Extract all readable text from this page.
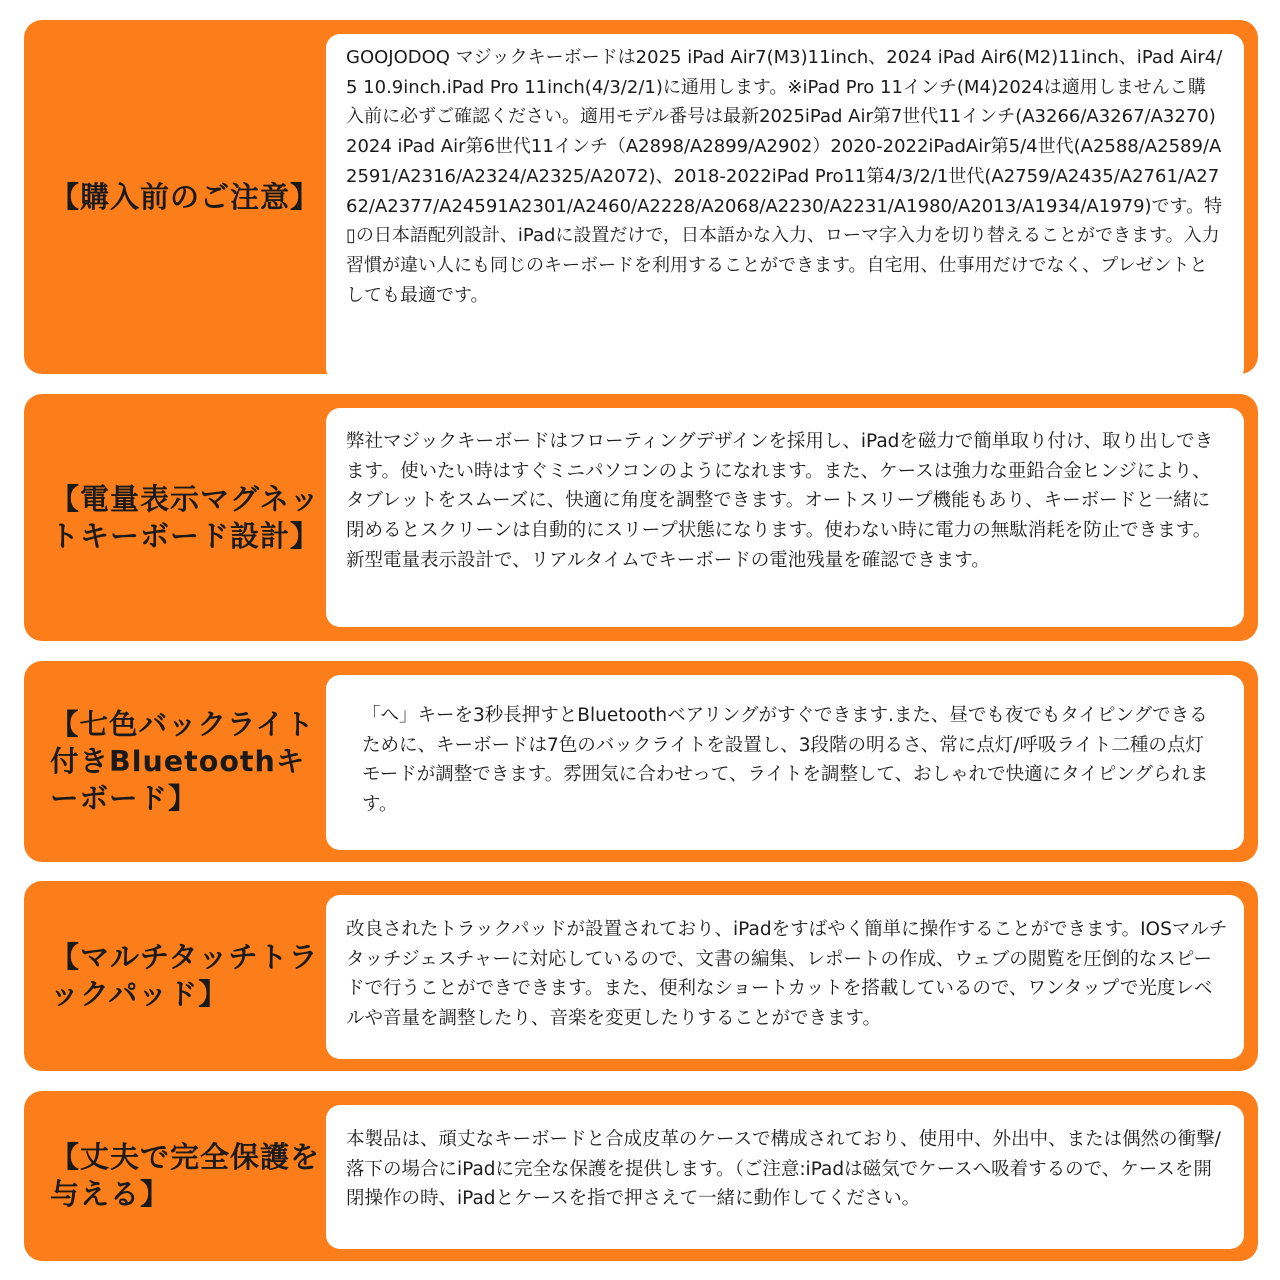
【購入前のご注意】

GOOJODOQ マジックキーボードは2025 iPad Air7(M3)11inch、2024 iPad Air6(M2)11inch、iPad Air4/5 10.9inch.iPad Pro 11inch(4/3/2/1)に通用します。※iPad Pro 11インチ(M4)2024は適用しませんこ購入前に必ずご確認ください。適用モデル番号は最新2025iPad Air第7世代11インチ(A3266/A3267/A3270)2024 iPad Air第6世代11インチ（A2898/A2899/A2902）2020-2022iPadAir第5/4世代(A2588/A2589/A2591/A2316/A2324/A2325/A2072)、2018-2022iPad Pro11第4/3/2/1世代(A2759/A2435/A2761/A2762/A2377/A24591A2301/A2460/A2228/A2068/A2230/A2231/A1980/A2013/A1934/A1979)です。特▯の日本語配列設計、iPadに設置だけで，日本語かな入力、ローマ字入力を切り替えることができます。入力習慣が違い人にも同じのキーボードを利用することができます。自宅用、仕事用だけでなく、プレゼントとしても最適です。

【電量表示マグネットキーボード設計】

弊社マジックキーボードはフローティングデザインを採用し、iPadを磁力で簡単取り付け、取り出しできます。使いたい時はすぐミニパソコンのようになれます。また、ケースは強力な亜鉛合金ヒンジにより、タブレットをスムーズに、快適に角度を調整できます。オートスリープ機能もあり、キーボードと一緒に閉めるとスクリーンは自動的にスリープ状態になります。使わない時に電力の無駄消耗を防止できます。新型電量表示設計で、リアルタイムでキーボードの電池残量を確認できます。

【七色バックライト付きBluetoothキーボード】

「へ」キーを3秒長押すとBluetoothベアリングがすぐできます.また、昼でも夜でもタイピングできるために、キーボードは7色のバックライトを設置し、3段階の明るさ、常に点灯/呼吸ライト二種の点灯モードが調整できます。雰囲気に合わせって、ライトを調整して、おしゃれで快適にタイピングられます。

【マルチタッチトラックパッド】

改良されたトラックパッドが設置されており、iPadをすばやく簡単に操作することができます。IOSマルチタッチジェスチャーに対応しているので、文書の編集、レポートの作成、ウェブの閲覧を圧倒的なスピードで行うことができできます。また、便利なショートカットを搭載しているので、ワンタップで光度レベルや音量を調整したり、音楽を変更したりすることができます。

【丈夫で完全保護を与える】

本製品は、頑丈なキーボードと合成皮革のケースで構成されており、使用中、外出中、または偶然の衝撃/落下の場合にiPadに完全な保護を提供します。（ご注意:iPadは磁気でケースへ吸着するので、ケースを開閉操作の時、iPadとケースを指で押さえて一緒に動作してください。
